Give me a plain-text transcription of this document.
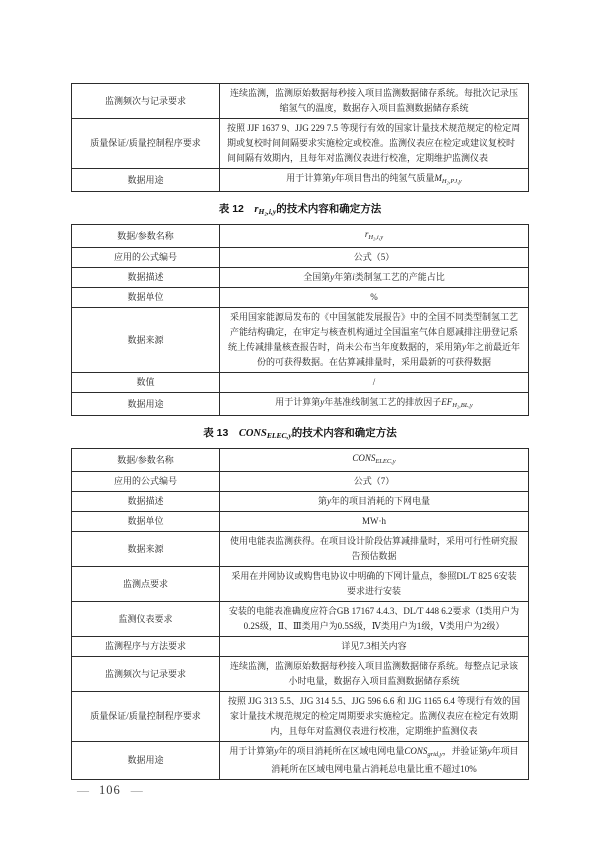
监测频次与记录要求	连续监测，监测原始数据每秒接入项目监测数据储存系统。每批次记录压缩氢气的温度，数据存入项目监测数据储存系统
质量保证/质量控制程序要求	按照 JJF 1637 9、JJG 229 7.5 等现行有效的国家计量技术规范规定的检定周期或复校时间间隔要求实施检定或校准。监测仪表应在检定或建议复校时间间隔有效期内，且每年对监测仪表进行校准，定期维护监测仪表
数据用途	用于计算第y年项目售出的纯氢气质量$M_{H_2,PJ,y}$
表 12　rH₂,i,y的技术内容和确定方法
数据/参数名称	$r_{H_2,i,y}$
应用的公式编号	公式（5）
数据描述	全国第y年第i类制氢工艺的产能占比
数据单位	%
数据来源	采用国家能源局发布的《中国氢能发展报告》中的全国不同类型制氢工艺产能结构确定，在审定与核查机构通过全国温室气体自愿减排注册登记系统上传减排量核查报告时，尚未公布当年度数据的，采用第y年之前最近年份的可获得数据。在估算减排量时，采用最新的可获得数据
数值	/
数据用途	用于计算第y年基准线制氢工艺的排放因子$EF_{H_2,BL,y}$
表 13　CONSELEC,y的技术内容和确定方法
数据/参数名称	$CONS_{ELEC,y}$
应用的公式编号	公式（7）
数据描述	第y年的项目消耗的下网电量
数据单位	MW·h
数据来源	使用电能表监测获得。在项目设计阶段估算减排量时，采用可行性研究报告预估数据
监测点要求	采用在并网协议或购售电协议中明确的下网计量点，参照DL/T 825 6安装要求进行安装
监测仪表要求	安装的电能表准确度应符合GB 17167 4.4.3、DL/T 448 6.2要求（Ⅰ类用户为0.2S级，Ⅱ、Ⅲ类用户为0.5S级，Ⅳ类用户为1级，Ⅴ类用户为2级）
监测程序与方法要求	详见7.3相关内容
监测频次与记录要求	连续监测，监测原始数据每秒接入项目监测数据储存系统。每整点记录该小时电量，数据存入项目监测数据储存系统
质量保证/质量控制程序要求	按照 JJG 313 5.5、JJG 314 5.5、JJG 596 6.6 和 JJG 1165 6.4 等现行有效的国家计量技术规范规定的检定周期要求实施检定。监测仪表应在检定有效期内，且每年对监测仪表进行校准，定期维护监测仪表
数据用途	用于计算第y年的项目消耗所在区域电网电量$CONS_{grid,y}$，并验证第y年项目消耗所在区域电网电量占消耗总电量比重不超过10%
— 106 —
